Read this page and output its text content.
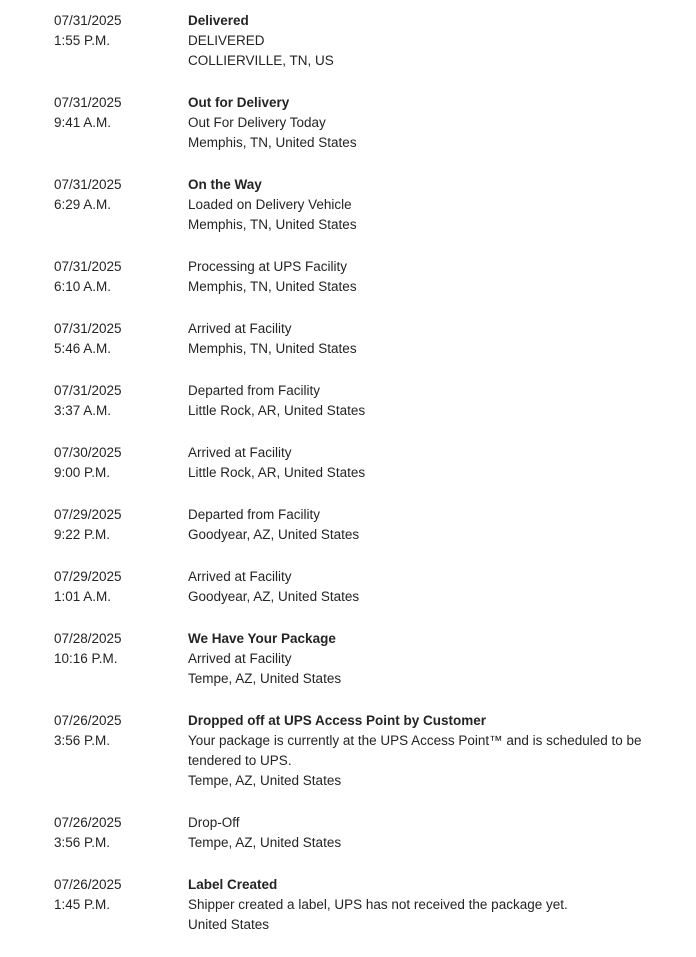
07/31/2025
1:55 P.M.
Delivered
DELIVERED
COLLIERVILLE, TN, US
07/31/2025
9:41 A.M.
Out for Delivery
Out For Delivery Today
Memphis, TN, United States
07/31/2025
6:29 A.M.
On the Way
Loaded on Delivery Vehicle
Memphis, TN, United States
07/31/2025
6:10 A.M.
Processing at UPS Facility
Memphis, TN, United States
07/31/2025
5:46 A.M.
Arrived at Facility
Memphis, TN, United States
07/31/2025
3:37 A.M.
Departed from Facility
Little Rock, AR, United States
07/30/2025
9:00 P.M.
Arrived at Facility
Little Rock, AR, United States
07/29/2025
9:22 P.M.
Departed from Facility
Goodyear, AZ, United States
07/29/2025
1:01 A.M.
Arrived at Facility
Goodyear, AZ, United States
07/28/2025
10:16 P.M.
We Have Your Package
Arrived at Facility
Tempe, AZ, United States
07/26/2025
3:56 P.M.
Dropped off at UPS Access Point by Customer
Your package is currently at the UPS Access Point™ and is scheduled to be tendered to UPS.
Tempe, AZ, United States
07/26/2025
3:56 P.M.
Drop-Off
Tempe, AZ, United States
07/26/2025
1:45 P.M.
Label Created
Shipper created a label, UPS has not received the package yet.
United States
